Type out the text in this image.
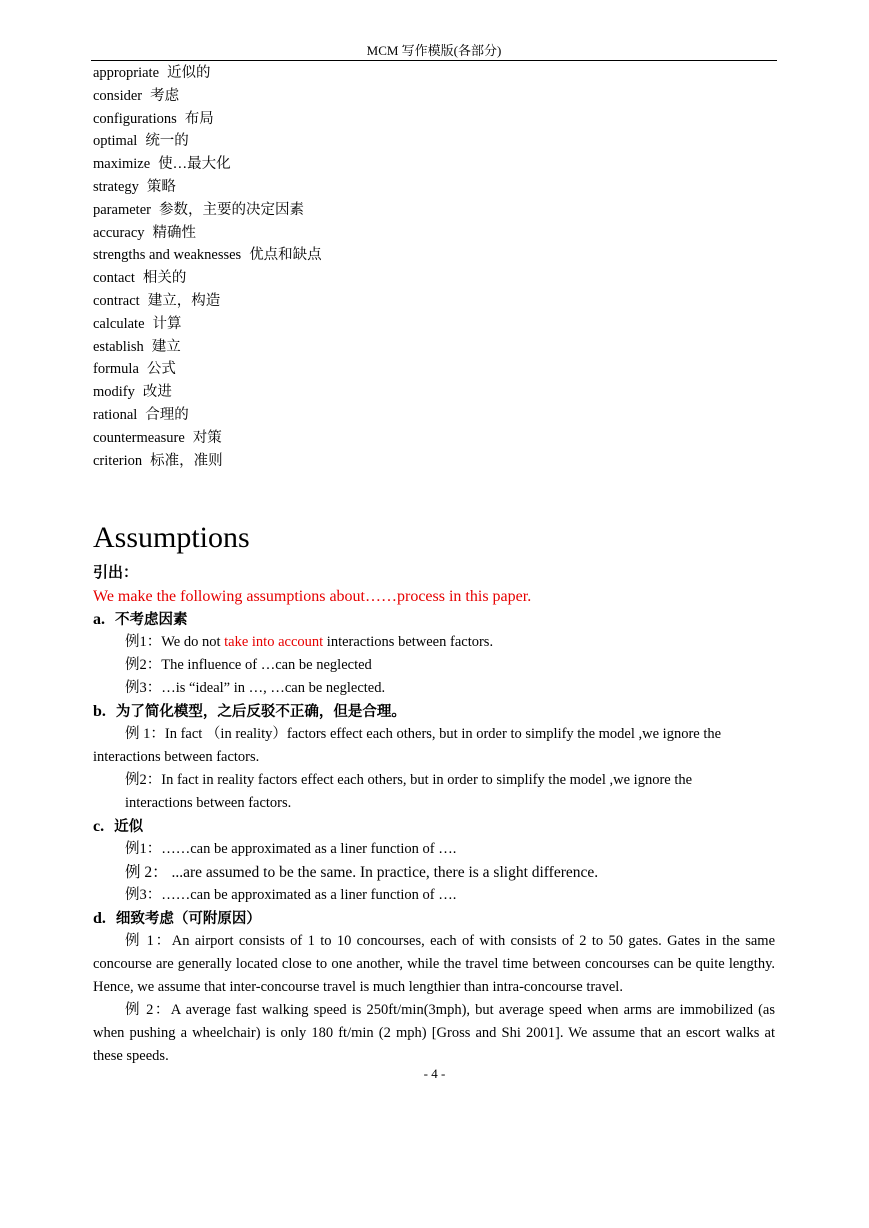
MCM 写作模版(各部分)
appropriate 近似的
consider 考虑
configurations 布局
optimal 统一的
maximize 使…最大化
strategy 策略
parameter 参数，主要的决定因素
accuracy 精确性
strengths and weaknesses 优点和缺点
contact 相关的
contract 建立，构造
calculate 计算
establish 建立
formula 公式
modify 改进
rational 合理的
countermeasure 对策
criterion 标准，准则
Assumptions
引出：
We make the following assumptions about……process in this paper.
a. 不考虑因素
例1：We do not take into account interactions between factors.
例2：The influence of …can be neglected
例3：…is “ideal” in …, …can be neglected.
b. 为了简化模型，之后反驳不正确，但是合理。
例 1：In fact （in reality）factors effect each others, but in order to simplify the model ,we ignore the
interactions between factors.
例2：In fact in reality factors effect each others, but in order to simplify the model ,we ignore the
interactions between factors.
c. 近似
例1：……can be approximated as a liner function of ….
例 2： ...are assumed to be the same. In practice, there is a slight difference.
例3：……can be approximated as a liner function of ….
d. 细致考虑（可附原因）
例 1：An airport consists of 1 to 10 concourses, each of with consists of 2 to 50 gates. Gates in the same concourse are generally located close to one another, while the travel time between concourses can be quite lengthy. Hence, we assume that inter-concourse travel is much lengthier than intra-concourse travel.
例 2：A average fast walking speed is 250ft/min(3mph), but average speed when arms are immobilized (as when pushing a wheelchair) is only 180 ft/min (2 mph) [Gross and Shi 2001]. We assume that an escort walks at these speeds.
- 4 -
